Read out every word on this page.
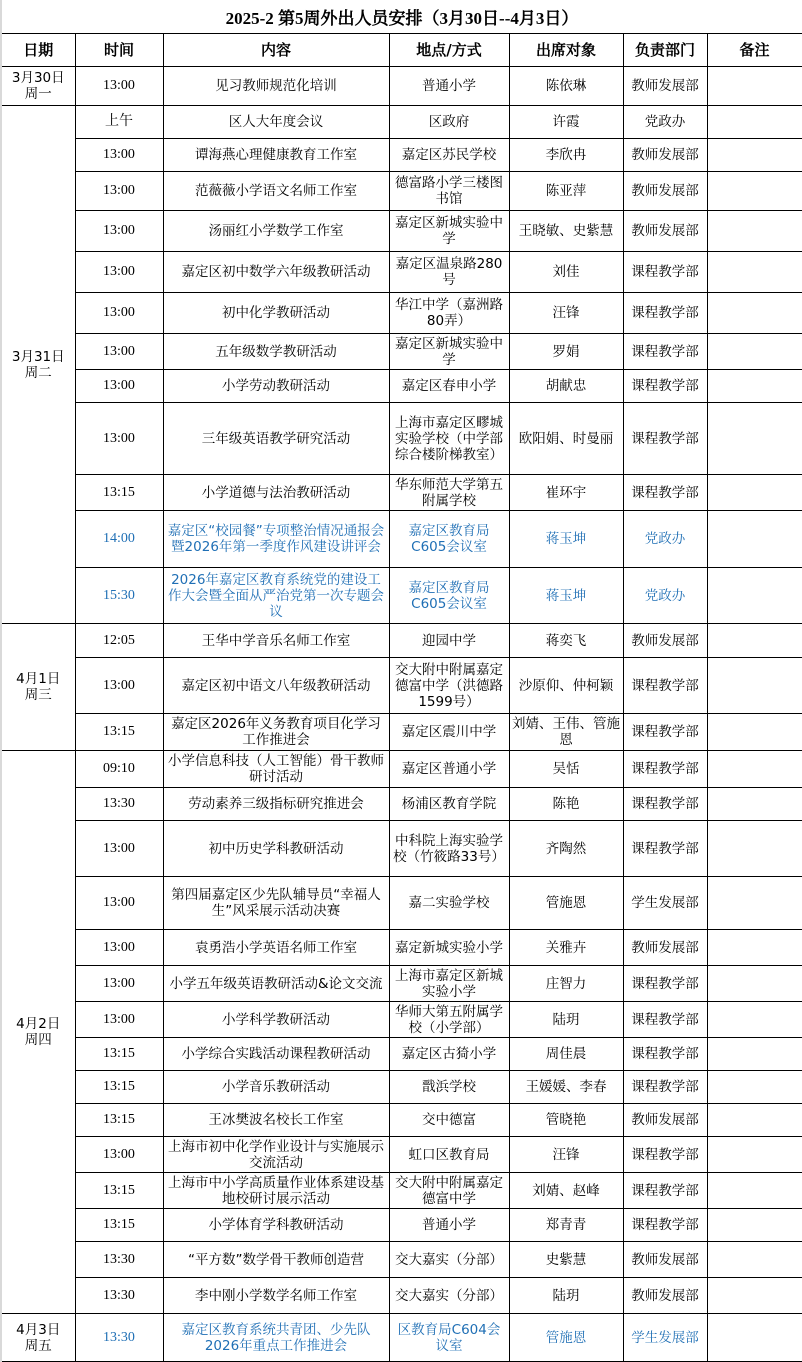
2025-2 第5周外出人员安排（3月30日--4月3日）
日期	时间	内容	地点/方式	出席对象	负责部门	备注

3月30日
周一	13:00	见习教师规范化培训	普通小学	陈依琳	教师发展部	

3月31日
周二	上午	区人大年度会议	区政府	许霞	党政办	
	13:00	谭海燕心理健康教育工作室	嘉定区苏民学校	李欣冉	教师发展部	
	13:00	范薇薇小学语文名师工作室	德富路小学三楼图书馆	陈亚萍	教师发展部	
	13:00	汤丽红小学数学工作室	嘉定区新城实验中学	王晓敏、史紫慧	教师发展部	
	13:00	嘉定区初中数学六年级教研活动	嘉定区温泉路280号	刘佳	课程教学部	
	13:00	初中化学教研活动	华江中学（嘉洲路80弄）	汪锋	课程教学部	
	13:00	五年级数学教研活动	嘉定区新城实验中学	罗娟	课程教学部	
	13:00	小学劳动教研活动	嘉定区春申小学	胡献忠	课程教学部	
	13:00	三年级英语教学研究活动	上海市嘉定区疁城实验学校（中学部综合楼阶梯教室）	欧阳娟、时曼丽	课程教学部	
	13:15	小学道德与法治教研活动	华东师范大学第五附属学校	崔环宇	课程教学部	
	14:00	嘉定区“校园餐”专项整治情况通报会暨2026年第一季度作风建设讲评会	嘉定区教育局C605会议室	蒋玉坤	党政办	
	15:30	2026年嘉定区教育系统党的建设工作大会暨全面从严治党第一次专题会议	嘉定区教育局C605会议室	蒋玉坤	党政办	

4月1日
周三	12:05	王华中学音乐名师工作室	迎园中学	蒋奕飞	教师发展部	
	13:00	嘉定区初中语文八年级教研活动	交大附中附属嘉定德富中学（洪德路1599号）	沙原仰、仲柯颖	课程教学部	
	13:15	嘉定区2026年义务教育项目化学习工作推进会	嘉定区震川中学	刘婧、王伟、管施恩	课程教学部	

4月2日
周四	09:10	小学信息科技（人工智能）骨干教师研讨活动	嘉定区普通小学	吴恬	课程教学部	
	13:30	劳动素养三级指标研究推进会	杨浦区教育学院	陈艳	课程教学部	
	13:00	初中历史学科教研活动	中科院上海实验学校（竹筱路33号）	齐陶然	课程教学部	
	13:00	第四届嘉定区少先队辅导员“幸福人生”风采展示活动决赛	嘉二实验学校	管施恩	学生发展部	
	13:00	袁勇浩小学英语名师工作室	嘉定新城实验小学	关雅卉	教师发展部	
	13:00	小学五年级英语教研活动&论文交流	上海市嘉定区新城实验小学	庄智力	课程教学部	
	13:00	小学科学教研活动	华师大第五附属学校（小学部）	陆玥	课程教学部	
	13:15	小学综合实践活动课程教研活动	嘉定区古猗小学	周佳晨	课程教学部	
	13:15	小学音乐教研活动	戬浜学校	王媛媛、李春	课程教学部	
	13:15	王冰樊波名校长工作室	交中德富	管晓艳	教师发展部	
	13:00	上海市初中化学作业设计与实施展示交流活动	虹口区教育局	汪锋	课程教学部	
	13:15	上海市中小学高质量作业体系建设基地校研讨展示活动	交大附中附属嘉定德富中学	刘婧、赵峰	课程教学部	
	13:15	小学体育学科教研活动	普通小学	郑青青	课程教学部	
	13:30	“平方数”数学骨干教师创造营	交大嘉实（分部）	史紫慧	教师发展部	
	13:30	李中刚小学数学名师工作室	交大嘉实（分部）	陆玥	教师发展部	

4月3日
周五	13:30	嘉定区教育系统共青团、少先队2026年重点工作推进会	区教育局C604会议室	管施恩	学生发展部	
